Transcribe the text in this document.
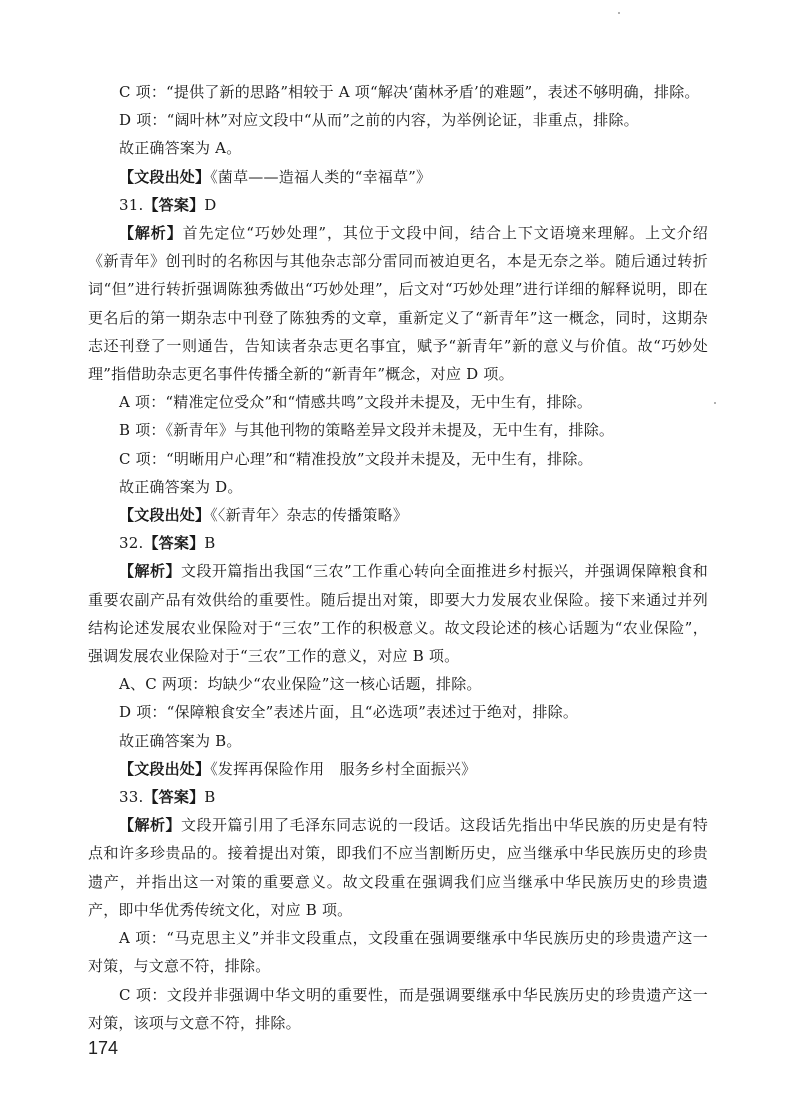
C 项：“提供了新的思路”相较于 A 项“解决‘菌林矛盾’的难题”，表述不够明确，排除。

D 项：“阔叶林”对应文段中“从而”之前的内容，为举例论证，非重点，排除。

故正确答案为 A。

【文段出处】《菌草——造福人类的“幸福草”》

31.【答案】D

【解析】首先定位“巧妙处理”，其位于文段中间，结合上下文语境来理解。上文介绍《新青年》创刊时的名称因与其他杂志部分雷同而被迫更名，本是无奈之举。随后通过转折词“但”进行转折强调陈独秀做出“巧妙处理”，后文对“巧妙处理”进行详细的解释说明，即在更名后的第一期杂志中刊登了陈独秀的文章，重新定义了“新青年”这一概念，同时，这期杂志还刊登了一则通告，告知读者杂志更名事宜，赋予“新青年”新的意义与价值。故“巧妙处理”指借助杂志更名事件传播全新的“新青年”概念，对应 D 项。

A 项：“精准定位受众”和“情感共鸣”文段并未提及，无中生有，排除。

B 项：《新青年》与其他刊物的策略差异文段并未提及，无中生有，排除。

C 项：“明晰用户心理”和“精准投放”文段并未提及，无中生有，排除。

故正确答案为 D。

【文段出处】《〈新青年〉杂志的传播策略》

32.【答案】B

【解析】文段开篇指出我国“三农”工作重心转向全面推进乡村振兴，并强调保障粮食和重要农副产品有效供给的重要性。随后提出对策，即要大力发展农业保险。接下来通过并列结构论述发展农业保险对于“三农”工作的积极意义。故文段论述的核心话题为“农业保险”，强调发展农业保险对于“三农”工作的意义，对应 B 项。

A、C 两项：均缺少“农业保险”这一核心话题，排除。

D 项：“保障粮食安全”表述片面，且“必选项”表述过于绝对，排除。

故正确答案为 B。

【文段出处】《发挥再保险作用　服务乡村全面振兴》

33.【答案】B

【解析】文段开篇引用了毛泽东同志说的一段话。这段话先指出中华民族的历史是有特点和许多珍贵品的。接着提出对策，即我们不应当割断历史，应当继承中华民族历史的珍贵遗产，并指出这一对策的重要意义。故文段重在强调我们应当继承中华民族历史的珍贵遗产，即中华优秀传统文化，对应 B 项。

A 项：“马克思主义”并非文段重点，文段重在强调要继承中华民族历史的珍贵遗产这一对策，与文意不符，排除。

C 项：文段并非强调中华文明的重要性，而是强调要继承中华民族历史的珍贵遗产这一对策，该项与文意不符，排除。

174
